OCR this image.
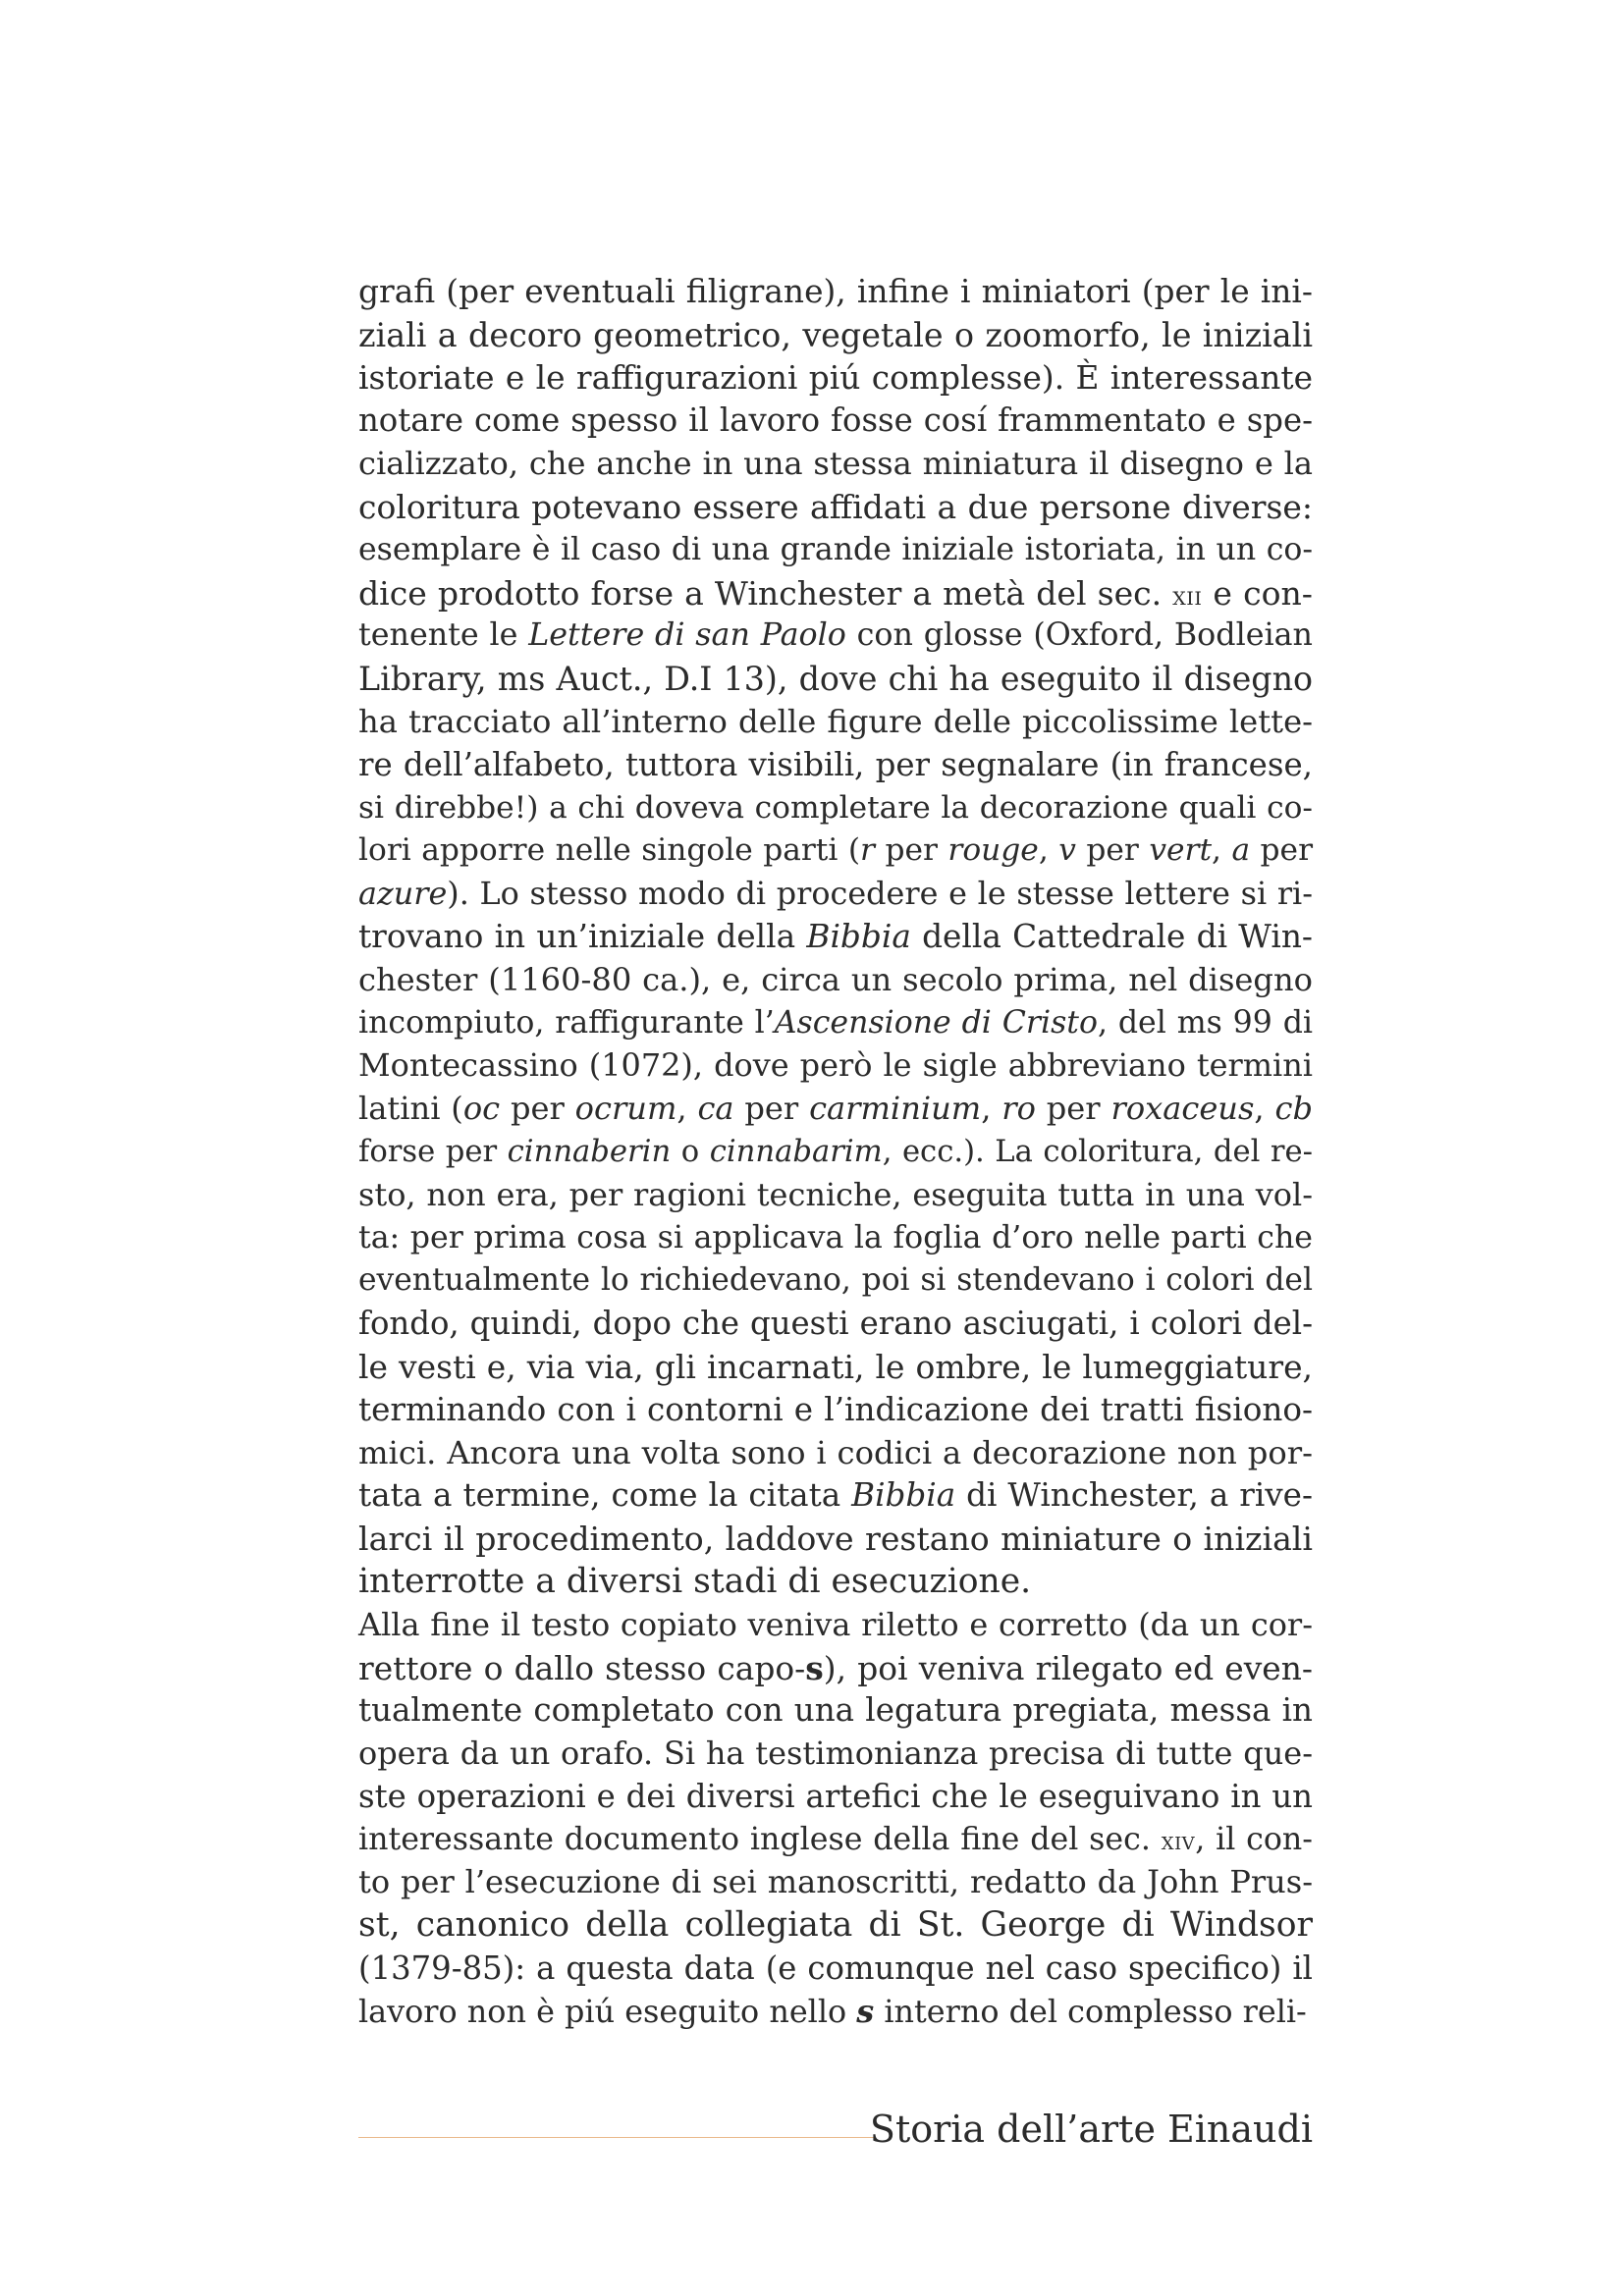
grafi (per eventuali filigrane), infine i miniatori (per le ini-
ziali a decoro geometrico, vegetale o zoomorfo, le iniziali
istoriate e le raffigurazioni piú complesse). È interessante
notare come spesso il lavoro fosse cosí frammentato e spe-
cializzato, che anche in una stessa miniatura il disegno e la
coloritura potevano essere affidati a due persone diverse:
esemplare è il caso di una grande iniziale istoriata, in un co-
dice prodotto forse a Winchester a metà del sec. xii e con-
tenente le Lettere di san Paolo con glosse (Oxford, Bodleian
Library, ms Auct., D.I 13), dove chi ha eseguito il disegno
ha tracciato all’interno delle figure delle piccolissime lette-
re dell’alfabeto, tuttora visibili, per segnalare (in francese,
si direbbe!) a chi doveva completare la decorazione quali co-
lori apporre nelle singole parti (r per rouge, v per vert, a per
azure). Lo stesso modo di procedere e le stesse lettere si ri-
trovano in un’iniziale della Bibbia della Cattedrale di Win-
chester (1160-80 ca.), e, circa un secolo prima, nel disegno
incompiuto, raffigurante l’Ascensione di Cristo, del ms 99 di
Montecassino (1072), dove però le sigle abbreviano termini
latini (oc per ocrum, ca per carminium, ro per roxaceus, cb
forse per cinnaberin o cinnabarim, ecc.). La coloritura, del re-
sto, non era, per ragioni tecniche, eseguita tutta in una vol-
ta: per prima cosa si applicava la foglia d’oro nelle parti che
eventualmente lo richiedevano, poi si stendevano i colori del
fondo, quindi, dopo che questi erano asciugati, i colori del-
le vesti e, via via, gli incarnati, le ombre, le lumeggiature,
terminando con i contorni e l’indicazione dei tratti fisiono-
mici. Ancora una volta sono i codici a decorazione non por-
tata a termine, come la citata Bibbia di Winchester, a rive-
larci il procedimento, laddove restano miniature o iniziali
interrotte a diversi stadi di esecuzione.
Alla fine il testo copiato veniva riletto e corretto (da un cor-
rettore o dallo stesso capo-s), poi veniva rilegato ed even-
tualmente completato con una legatura pregiata, messa in
opera da un orafo. Si ha testimonianza precisa di tutte que-
ste operazioni e dei diversi artefici che le eseguivano in un
interessante documento inglese della fine del sec. xiv, il con-
to per l’esecuzione di sei manoscritti, redatto da John Prus-
st, canonico della collegiata di St. George di Windsor
(1379-85): a questa data (e comunque nel caso specifico) il
lavoro non è piú eseguito nello s interno del complesso reli-
Storia dell’arte Einaudi
